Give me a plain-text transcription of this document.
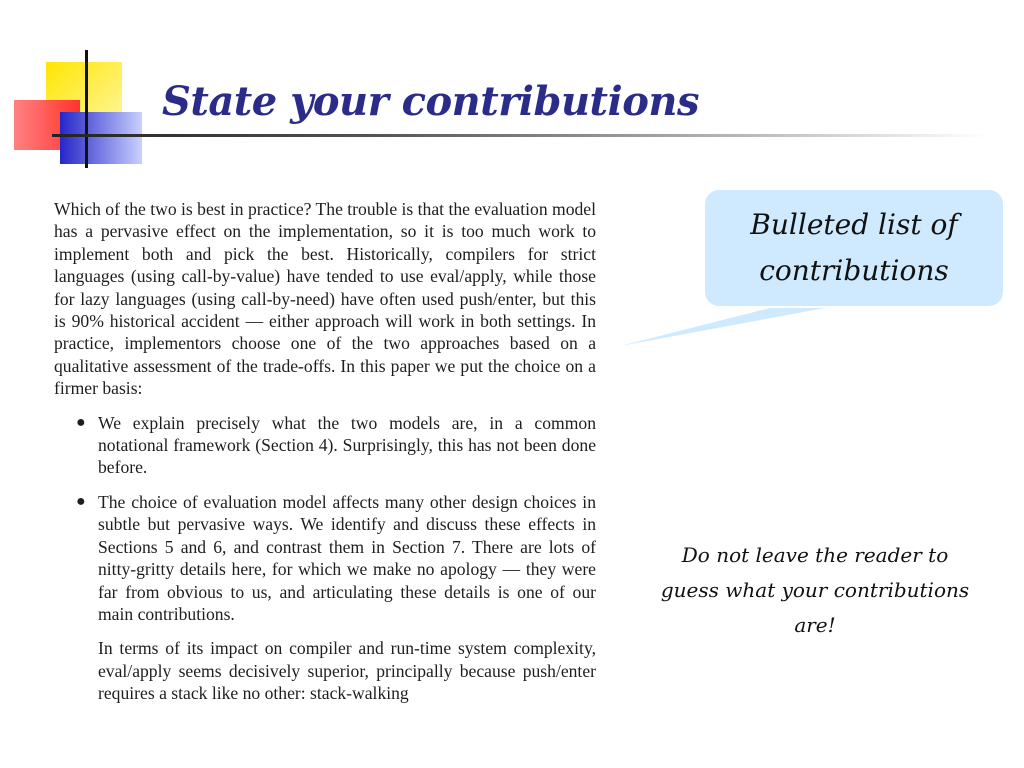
State your contributions

Which of the two is best in practice? The trouble is that the evaluation model has a pervasive effect on the implementation, so it is too much work to implement both and pick the best. Historically, compilers for strict languages (using call-by-value) have tended to use eval/apply, while those for lazy languages (using call-by-need) have often used push/enter, but this is 90% historical accident — either approach will work in both settings. In practice, implementors choose one of the two approaches based on a qualitative assessment of the trade-offs. In this paper we put the choice on a firmer basis:

● We explain precisely what the two models are, in a common notational framework (Section 4). Surprisingly, this has not been done before.
● The choice of evaluation model affects many other design choices in subtle but pervasive ways. We identify and discuss these effects in Sections 5 and 6, and contrast them in Section 7. There are lots of nitty-gritty details here, for which we make no apology — they were far from obvious to us, and articulating these details is one of our main contributions.

In terms of its impact on compiler and run-time system complexity, eval/apply seems decisively superior, principally because push/enter requires a stack like no other: stack-walking

Bulleted list of
contributions
Do not leave the reader to guess what your contributions are!
